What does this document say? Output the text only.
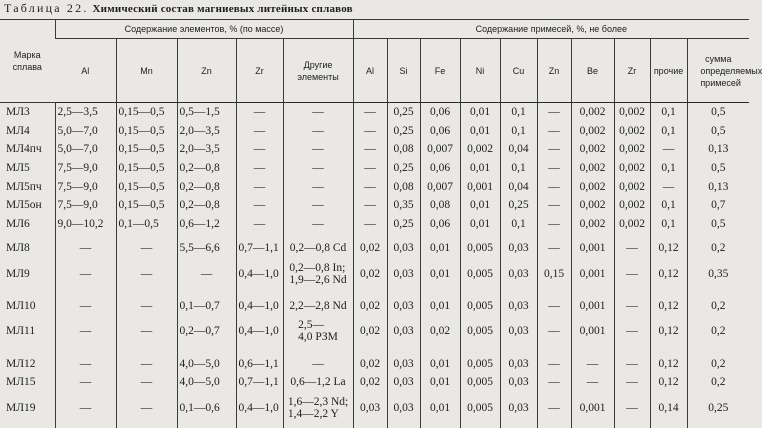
Таблица 22. Химический состав магниевых литейных сплавов
Марка сплава	Содержание элементов, % (по массе)					Содержание примесей, %, не более									
	Al	Mn	Zn	Zr	Другие элементы	Al	Si	Fe	Ni	Cu	Zn	Be	Zr	прочие	сумма определяемых примесей
МЛ3	2,5—3,5	0,15—0,5	0,5—1,5	—	—	—	0,25	0,06	0,01	0,1	—	0,002	0,002	0,1	0,5
МЛ4	5,0—7,0	0,15—0,5	2,0—3,5	—	—	—	0,25	0,06	0,01	0,1	—	0,002	0,002	0,1	0,5
МЛ4пч	5,0—7,0	0,15—0,5	2,0—3,5	—	—	—	0,08	0,007	0,002	0,04	—	0,002	0,002	—	0,13
МЛ5	7,5—9,0	0,15—0,5	0,2—0,8	—	—	—	0,25	0,06	0,01	0,1	—	0,002	0,002	0,1	0,5
МЛ5пч	7,5—9,0	0,15—0,5	0,2—0,8	—	—	—	0,08	0,007	0,001	0,04	—	0,002	0,002	—	0,13
МЛ5он	7,5—9,0	0,15—0,5	0,2—0,8	—	—	—	0,35	0,08	0,01	0,25	—	0,002	0,002	0,1	0,7
МЛ6	9,0—10,2	0,1—0,5	0,6—1,2	—	—	—	0,25	0,06	0,01	0,1	—	0,002	0,002	0,1	0,5

МЛ8	—	—	5,5—6,6	0,7—1,1	0,2—0,8 Cd	0,02	0,03	0,01	0,005	0,03	—	0,001	—	0,12	0,2
МЛ9	—	—	—	0,4—1,0	0,2—0,8 In;
1,9—2,6 Nd	0,02	0,03	0,01	0,005	0,03	0,15	0,001	—	0,12	0,35

МЛ10	—	—	0,1—0,7	0,4—1,0	2,2—2,8 Nd	0,02	0,03	0,01	0,005	0,03	—	0,001	—	0,12	0,2
МЛ11	—	—	0,2—0,7	0,4—1,0	2,5—
4,0 РЗМ	0,02	0,03	0,02	0,005	0,03	—	0,001	—	0,12	0,2

МЛ12	—	—	4,0—5,0	0,6—1,1	—	0,02	0,03	0,01	0,005	0,03	—	—	—	0,12	0,2
МЛ15	—	—	4,0—5,0	0,7—1,1	0,6—1,2 La	0,02	0,03	0,01	0,005	0,03	—	—	—	0,12	0,2
МЛ19	—	—	0,1—0,6	0,4—1,0	1,6—2,3 Nd;
1,4—2,2 Y	0,03	0,03	0,01	0,005	0,03	—	0,001	—	0,14	0,25
